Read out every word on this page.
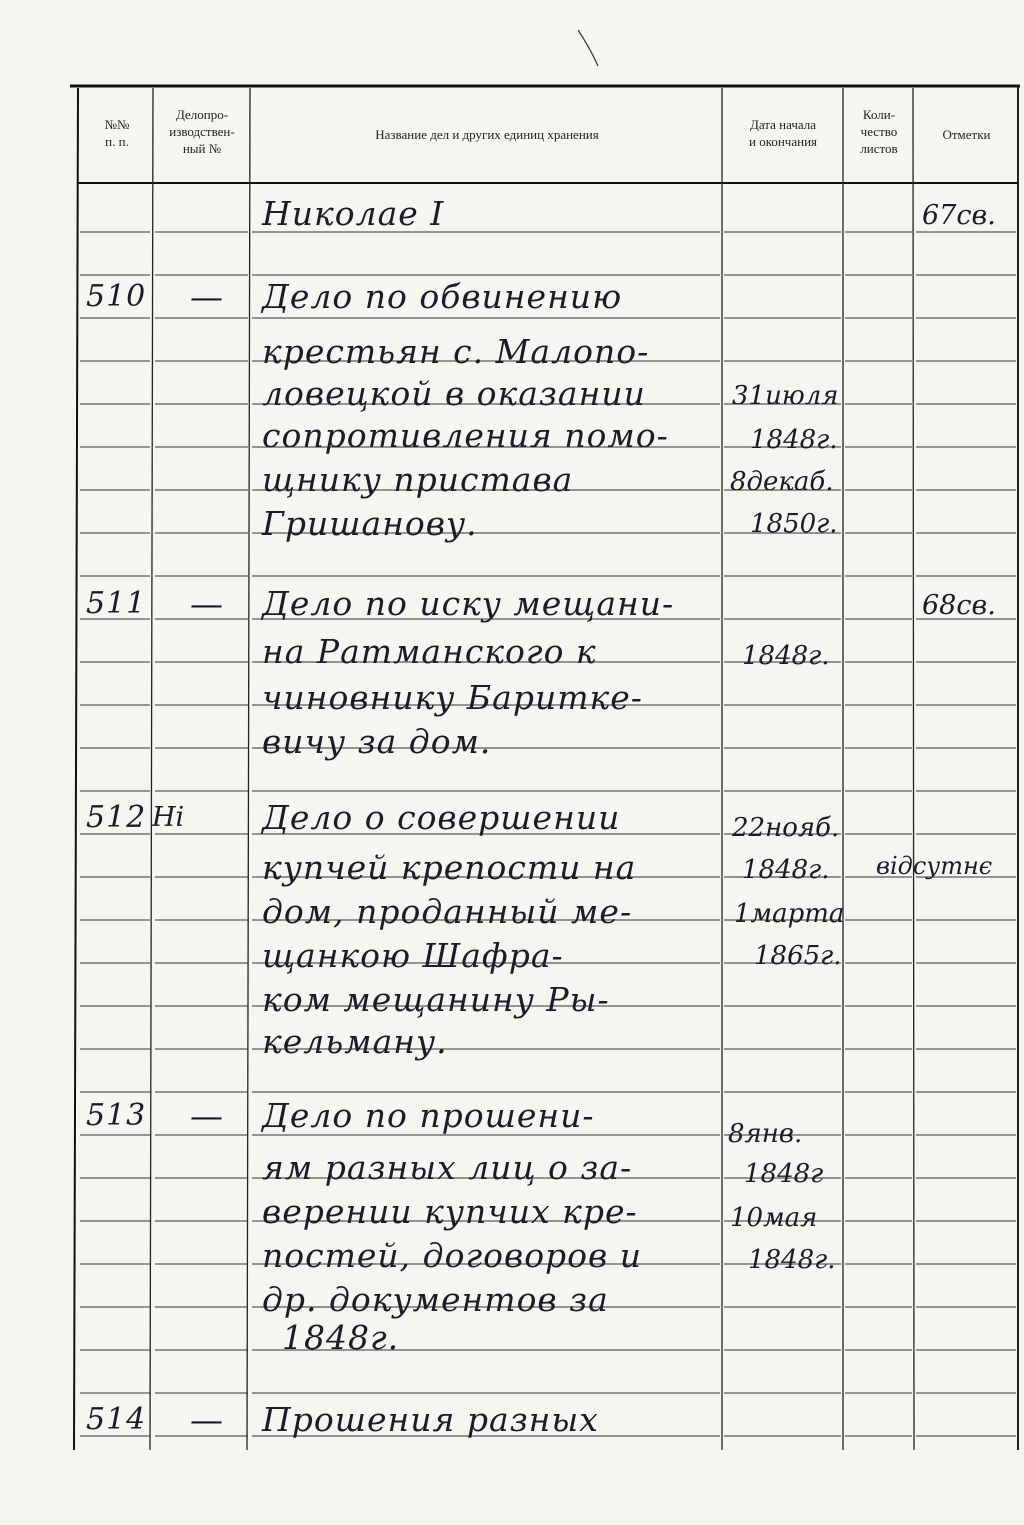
№№
п. п.
Делопро-
изводствен-
ный №
Название дел и других единиц хранения
Дата начала
и окончания
Коли-
чество
листов
Отметки
Николае I	67св.
510 — Дело по обвинению
крестьян с. Малопо-
ловецкой в оказании
сопротивления помо-
щнику пристава
Гришанову.
31июля
1848г.
8декаб.
1850г.
511 — Дело по иску мещани-
на Ратманского к
чиновнику Баритке-
вичу за дом.
1848г.
68св.
512 Ні Дело о совершении
купчей крепости на
дом, проданный ме-
щанкою Шафра-
ком мещанину Ры-
кельману.
22нояб.
1848г.
1марта
1865г.
відсутнє
513 — Дело по прошени-
ям разных лиц о за-
верении купчих кре-
постей, договоров и
др. документов за
1848г.
8янв.
1848г
10мая
1848г.
514 — Прошения разных
